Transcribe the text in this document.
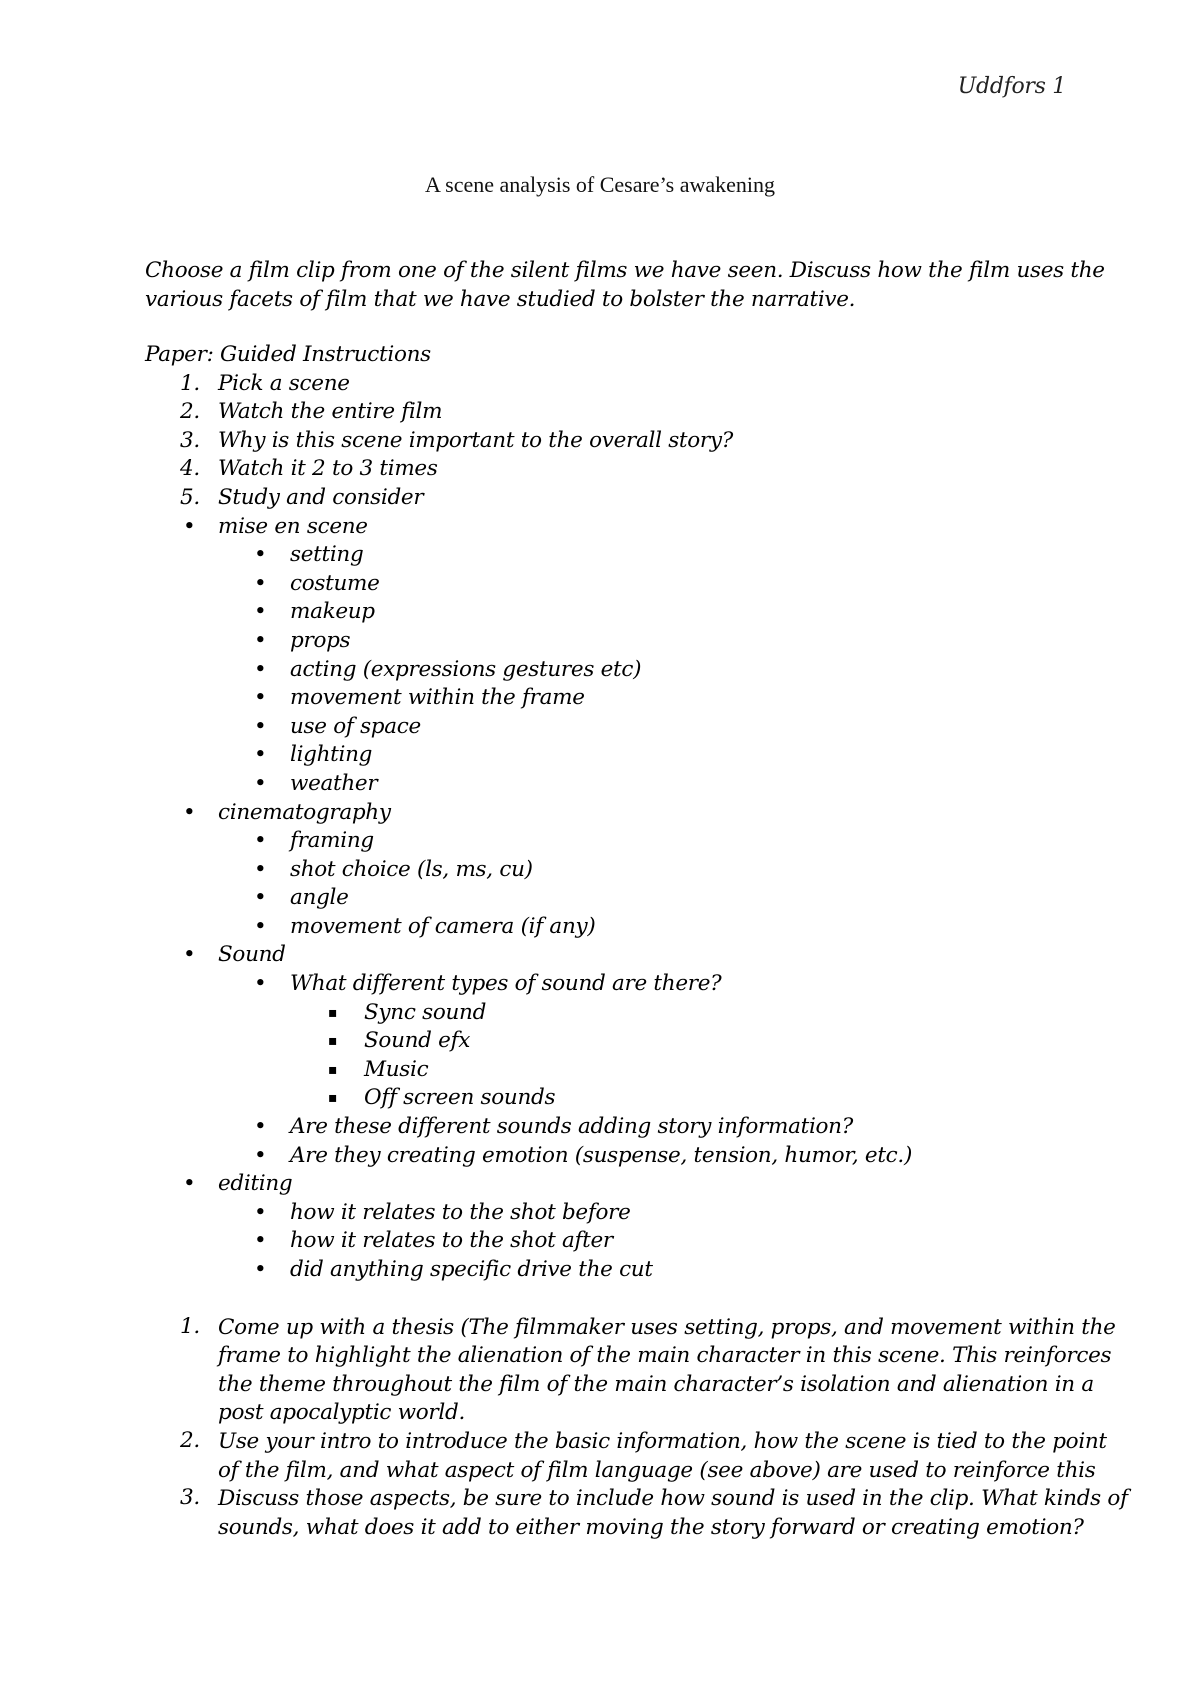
Uddfors 1
A scene analysis of Cesare’s awakening

Choose a film clip from one of the silent films we have seen. Discuss how the film uses the

various facets of film that we have studied to bolster the narrative.

Paper: Guided Instructions
1. Pick a scene
2. Watch the entire film
3. Why is this scene important to the overall story?
4. Watch it 2 to 3 times
5. Study and consider
• mise en scene
• setting
• costume
• makeup
• props
• acting (expressions gestures etc)
• movement within the frame
• use of space
• lighting
• weather
• cinematography
• framing
• shot choice (ls, ms, cu)
• angle
• movement of camera (if any)
• Sound
• What different types of sound are there?
▪ Sync sound
▪ Sound efx
▪ Music
▪ Off screen sounds
• Are these different sounds adding story information?
• Are they creating emotion (suspense, tension, humor, etc.)
• editing
• how it relates to the shot before
• how it relates to the shot after
• did anything specific drive the cut
1. Come up with a thesis (The filmmaker uses setting, props, and movement within the
frame to highlight the alienation of the main character in this scene. This reinforces
the theme throughout the film of the main character’s isolation and alienation in a
post apocalyptic world.
2. Use your intro to introduce the basic information, how the scene is tied to the point
of the film, and what aspect of film language (see above) are used to reinforce this
3. Discuss those aspects, be sure to include how sound is used in the clip. What kinds of
sounds, what does it add to either moving the story forward or creating emotion?
